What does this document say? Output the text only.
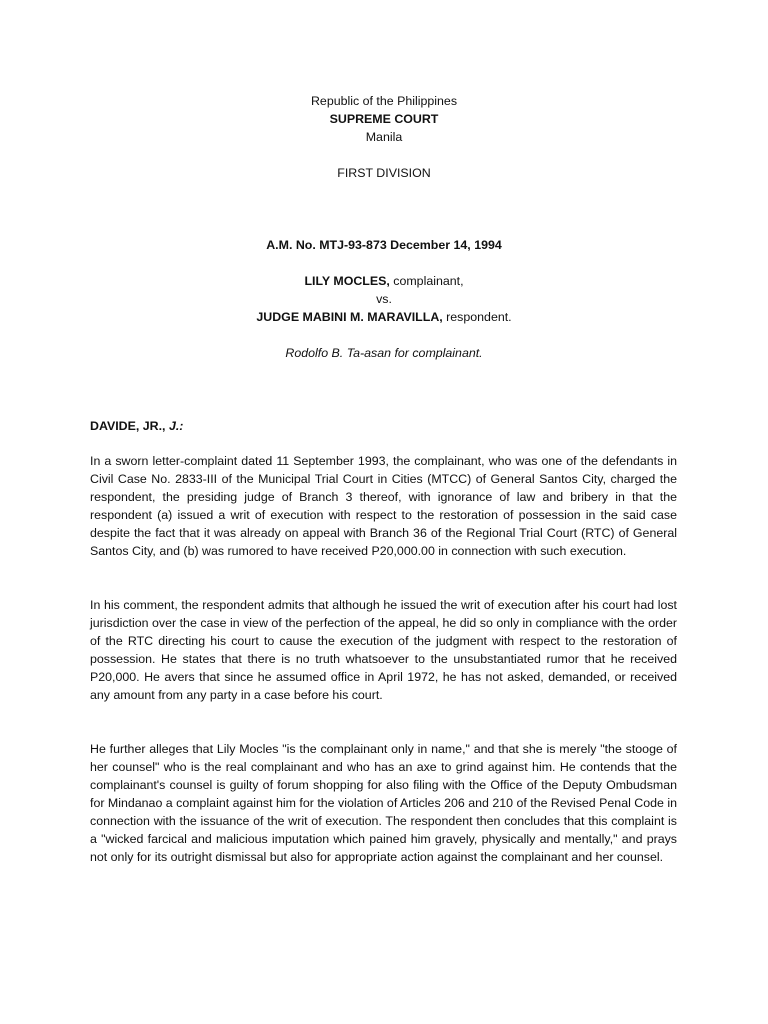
Republic of the Philippines
SUPREME COURT
Manila
FIRST DIVISION
A.M. No. MTJ-93-873 December 14, 1994
LILY MOCLES, complainant,
vs.
JUDGE MABINI M. MARAVILLA, respondent.
Rodolfo B. Ta-asan for complainant.
DAVIDE, JR., J.:

In a sworn letter-complaint dated 11 September 1993, the complainant, who was one of the defendants in Civil Case No. 2833-III of the Municipal Trial Court in Cities (MTCC) of General Santos City, charged the respondent, the presiding judge of Branch 3 thereof, with ignorance of law and bribery in that the respondent (a) issued a writ of execution with respect to the restoration of possession in the said case despite the fact that it was already on appeal with Branch 36 of the Regional Trial Court (RTC) of General Santos City, and (b) was rumored to have received P20,000.00 in connection with such execution.

In his comment, the respondent admits that although he issued the writ of execution after his court had lost jurisdiction over the case in view of the perfection of the appeal, he did so only in compliance with the order of the RTC directing his court to cause the execution of the judgment with respect to the restoration of possession. He states that there is no truth whatsoever to the unsubstantiated rumor that he received P20,000. He avers that since he assumed office in April 1972, he has not asked, demanded, or received any amount from any party in a case before his court.

He further alleges that Lily Mocles "is the complainant only in name," and that she is merely "the stooge of her counsel" who is the real complainant and who has an axe to grind against him. He contends that the complainant's counsel is guilty of forum shopping for also filing with the Office of the Deputy Ombudsman for Mindanao a complaint against him for the violation of Articles 206 and 210 of the Revised Penal Code in connection with the issuance of the writ of execution. The respondent then concludes that this complaint is a "wicked farcical and malicious imputation which pained him gravely, physically and mentally," and prays not only for its outright dismissal but also for appropriate action against the complainant and her counsel.
